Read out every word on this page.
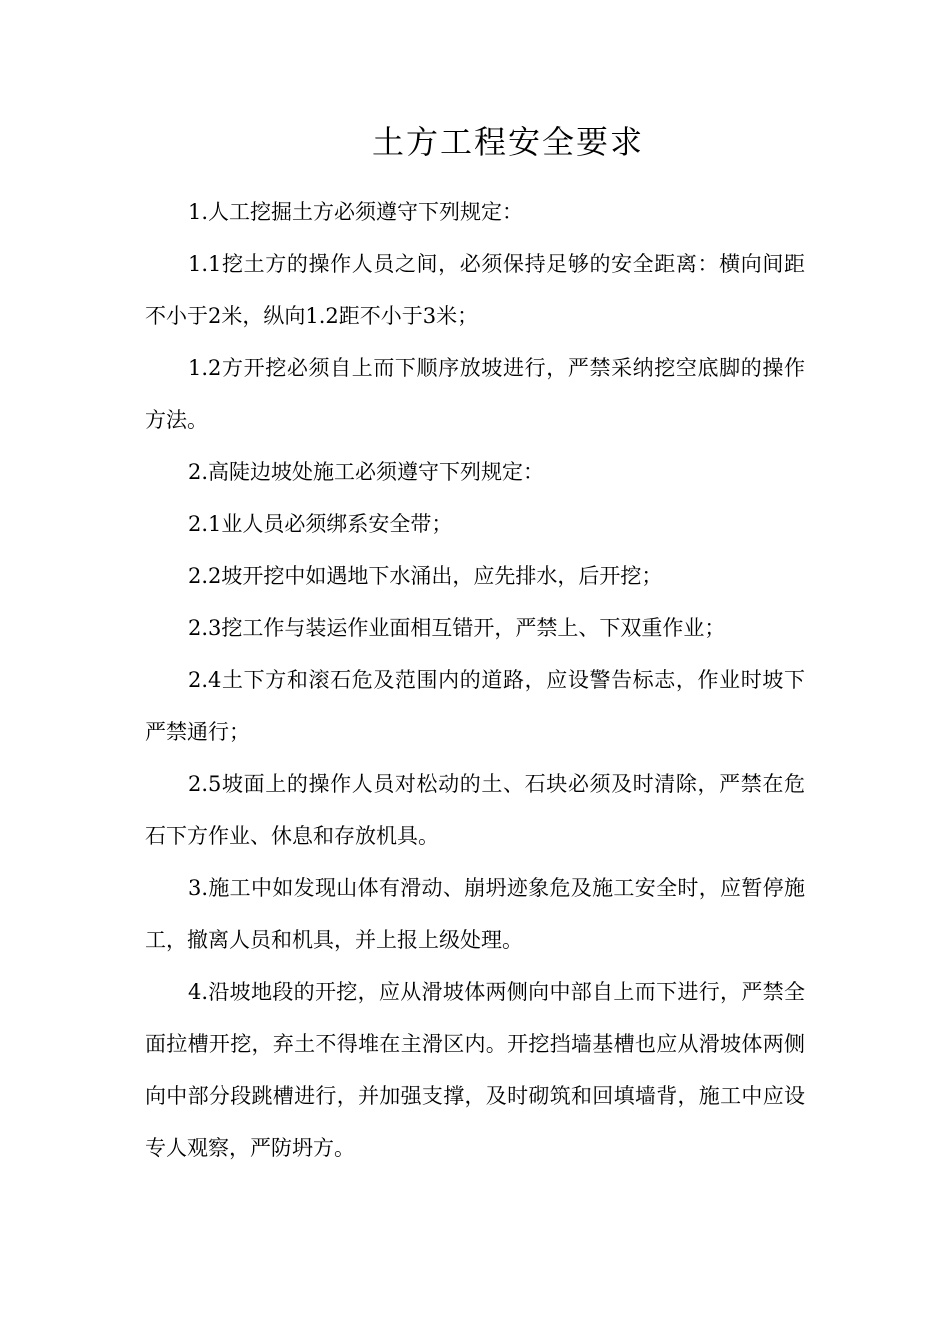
土方工程安全要求

1.人工挖掘土方必须遵守下列规定：

1.1挖土方的操作人员之间，必须保持足够的安全距离：横向间距不小于2米，纵向1.2距不小于3米；

1.2方开挖必须自上而下顺序放坡进行，严禁采纳挖空底脚的操作方法。

2.高陡边坡处施工必须遵守下列规定：

2.1业人员必须绑系安全带；

2.2坡开挖中如遇地下水涌出，应先排水，后开挖；

2.3挖工作与装运作业面相互错开，严禁上、下双重作业；

2.4土下方和滚石危及范围内的道路，应设警告标志，作业时坡下严禁通行；

2.5坡面上的操作人员对松动的土、石块必须及时清除，严禁在危石下方作业、休息和存放机具。

3.施工中如发现山体有滑动、崩坍迹象危及施工安全时，应暂停施工，撤离人员和机具，并上报上级处理。

4.沿坡地段的开挖，应从滑坡体两侧向中部自上而下进行，严禁全面拉槽开挖，弃土不得堆在主滑区内。开挖挡墙基槽也应从滑坡体两侧向中部分段跳槽进行，并加强支撑，及时砌筑和回填墙背，施工中应设专人观察，严防坍方。
